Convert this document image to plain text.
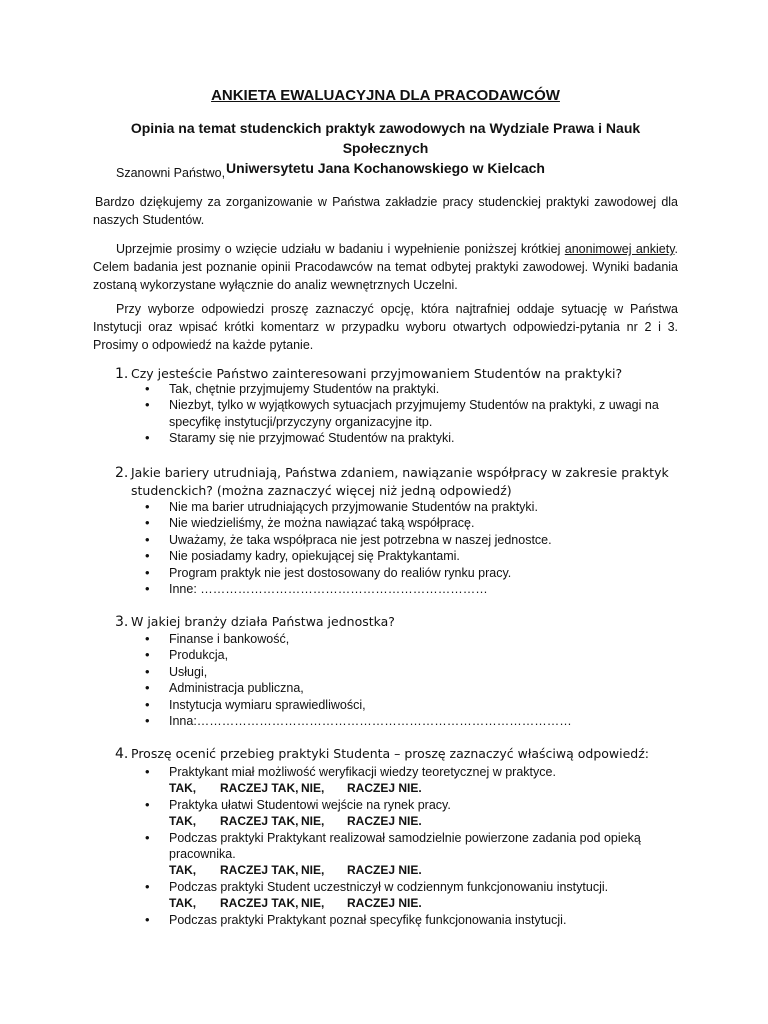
ANKIETA EWALUACYJNA DLA PRACODAWCÓW
Opinia na temat studenckich praktyk zawodowych na Wydziale Prawa i Nauk Społecznych
Uniwersytetu Jana Kochanowskiego w Kielcach
Szanowni Państwo,
Bardzo dziękujemy za zorganizowanie w Państwa zakładzie pracy studenckiej praktyki zawodowej dla naszych Studentów.
Uprzejmie prosimy o wzięcie udziału w badaniu i wypełnienie poniższej krótkiej anonimowej ankiety. Celem badania jest poznanie opinii Pracodawców na temat odbytej praktyki zawodowej. Wyniki badania zostaną wykorzystane wyłącznie do analiz wewnętrznych Uczelni.
Przy wyborze odpowiedzi proszę zaznaczyć opcję, która najtrafniej oddaje sytuację w Państwa Instytucji oraz wpisać krótki komentarz w przypadku wyboru otwartych odpowiedzi-pytania nr 2 i 3. Prosimy o odpowiedź na każde pytanie.
1. Czy jesteście Państwo zainteresowani przyjmowaniem Studentów na praktyki?
• Tak, chętnie przyjmujemy Studentów na praktyki.
• Niezbyt, tylko w wyjątkowych sytuacjach przyjmujemy Studentów na praktyki, z uwagi na specyfikę instytucji/przyczyny organizacyjne itp.
• Staramy się nie przyjmować Studentów na praktyki.
2. Jakie bariery utrudniają, Państwa zdaniem, nawiązanie współpracy w zakresie praktyk studenckich? (można zaznaczyć więcej niż jedną odpowiedź)
• Nie ma barier utrudniających przyjmowanie Studentów na praktyki.
• Nie wiedzieliśmy, że można nawiązać taką współpracę.
• Uważamy, że taka współpraca nie jest potrzebna w naszej jednostce.
• Nie posiadamy kadry, opiekującej się Praktykantami.
• Program praktyk nie jest dostosowany do realiów rynku pracy.
• Inne: ……………………………………………………………
3. W jakiej branży działa Państwa jednostka?
• Finanse i bankowość,
• Produkcja,
• Usługi,
• Administracja publiczna,
• Instytucja wymiaru sprawiedliwości,
• Inna:………………………………………………………………………………
4. Proszę ocenić przebieg praktyki Studenta – proszę zaznaczyć właściwą odpowiedź:
• Praktykant miał możliwość weryfikacji wiedzy teoretycznej w praktyce.
TAK,	RACZEJ TAK, NIE,	RACZEJ NIE.
• Praktyka ułatwi Studentowi wejście na rynek pracy.
TAK,	RACZEJ TAK, NIE,	RACZEJ NIE.
• Podczas praktyki Praktykant realizował samodzielnie powierzone zadania pod opieką pracownika.
TAK,	RACZEJ TAK, NIE,	RACZEJ NIE.
• Podczas praktyki Student uczestniczył w codziennym funkcjonowaniu instytucji.
TAK,	RACZEJ TAK, NIE,	RACZEJ NIE.
• Podczas praktyki Praktykant poznał specyfikę funkcjonowania instytucji.
